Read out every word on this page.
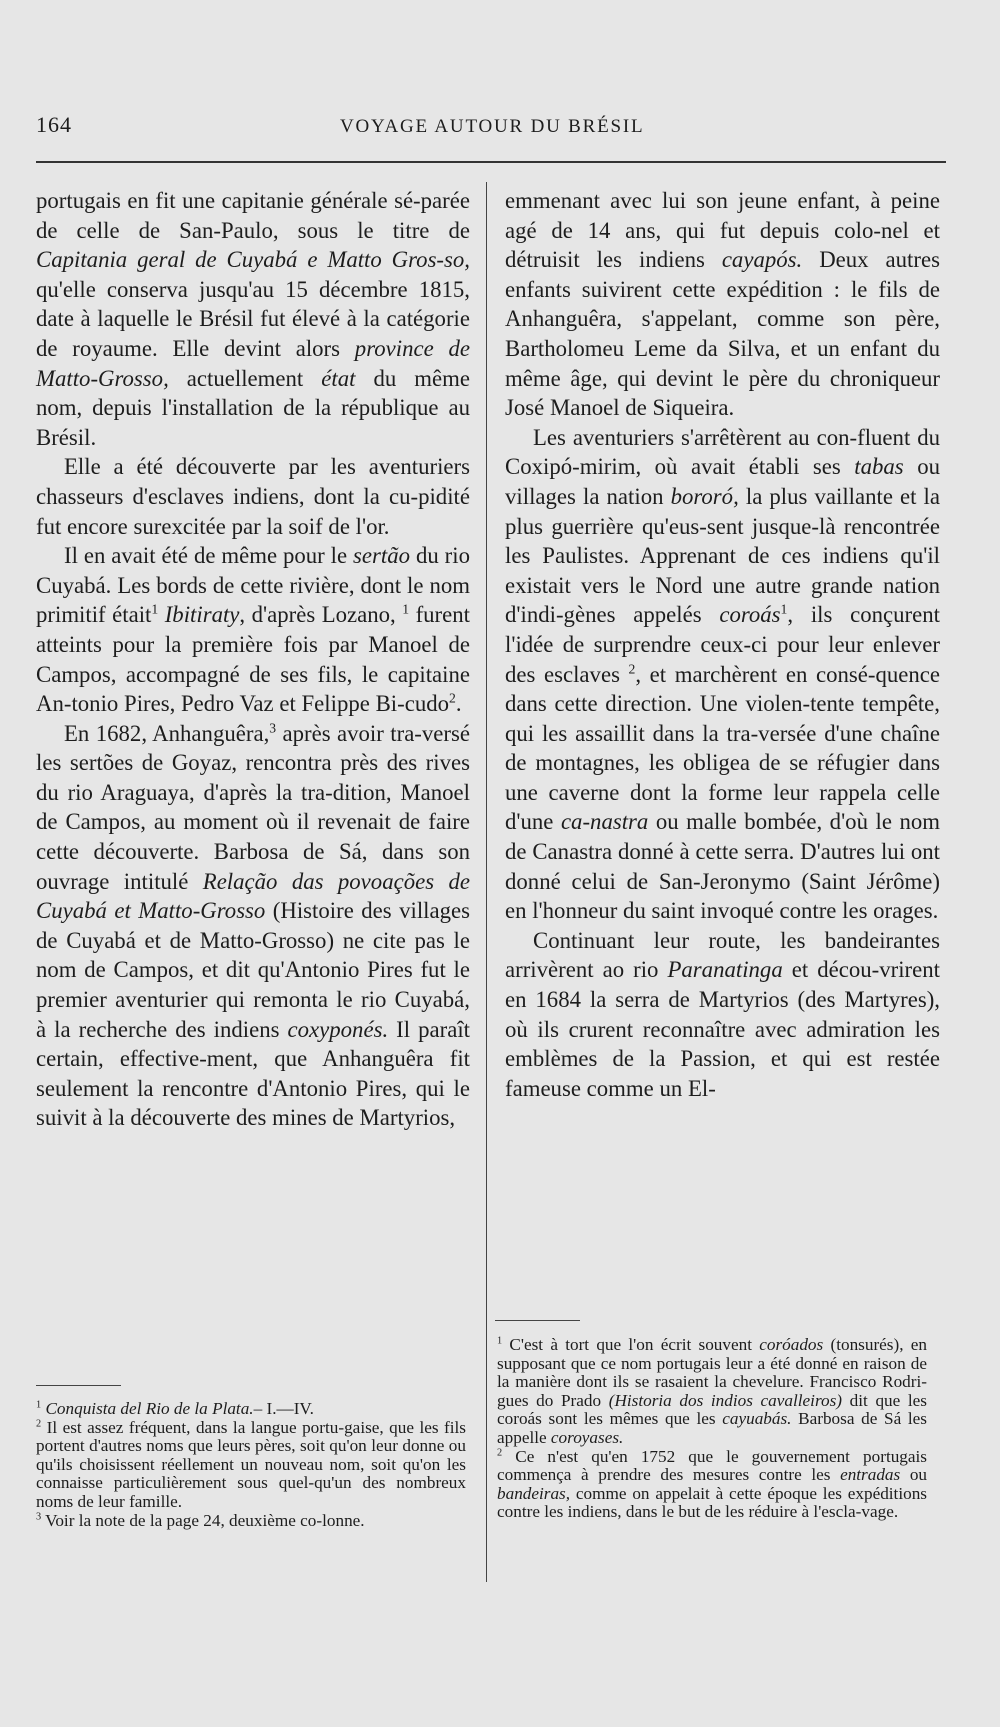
164	VOYAGE AUTOUR DU BRÉSIL

portugais en fit une capitanie générale sé-parée de celle de San-Paulo, sous le titre de Capitania geral de Cuyabá e Matto Gros-so, qu'elle conserva jusqu'au 15 décembre 1815, date à laquelle le Brésil fut élevé à la catégorie de royaume. Elle devint alors province de Matto-Grosso, actuellement état du même nom, depuis l'installation de la république au Brésil.

Elle a été découverte par les aventuriers chasseurs d'esclaves indiens, dont la cu-pidité fut encore surexcitée par la soif de l'or.

Il en avait été de même pour le sertão du rio Cuyabá. Les bords de cette rivière, dont le nom primitif était$^1$ Ibitiraty, d'après Lozano, $^1$ furent atteints pour la première fois par Manoel de Campos, accompagné de ses fils, le capitaine An-tonio Pires, Pedro Vaz et Felippe Bi-cudo$^2$.

En 1682, Anhanguêra,$^3$ après avoir tra-versé les sertões de Goyaz, rencontra près des rives du rio Araguaya, d'après la tra-dition, Manoel de Campos, au moment où il revenait de faire cette découverte. Barbosa de Sá, dans son ouvrage intitulé Relação das povoações de Cuyabá et Matto-Grosso (Histoire des villages de Cuyabá et de Matto-Grosso) ne cite pas le nom de Campos, et dit qu'Antonio Pires fut le premier aventurier qui remonta le rio Cuyabá, à la recherche des indiens coxyponés. Il paraît certain, effective-ment, que Anhanguêra fit seulement la rencontre d'Antonio Pires, qui le suivit à la découverte des mines de Martyrios,

emmenant avec lui son jeune enfant, à peine agé de 14 ans, qui fut depuis colo-nel et détruisit les indiens cayapós. Deux autres enfants suivirent cette expédition : le fils de Anhanguêra, s'appelant, comme son père, Bartholomeu Leme da Silva, et un enfant du même âge, qui devint le père du chroniqueur José Manoel de Siqueira.

Les aventuriers s'arrêtèrent au con-fluent du Coxipó-mirim, où avait établi ses tabas ou villages la nation bororó, la plus vaillante et la plus guerrière qu'eus-sent jusque-là rencontrée les Paulistes. Apprenant de ces indiens qu'il existait vers le Nord une autre grande nation d'indi-gènes appelés coroás$^1$, ils conçurent l'idée de surprendre ceux-ci pour leur enlever des esclaves $^2$, et marchèrent en consé-quence dans cette direction. Une violen-tente tempête, qui les assaillit dans la tra-versée d'une chaîne de montagnes, les obligea de se réfugier dans une caverne dont la forme leur rappela celle d'une ca-nastra ou malle bombée, d'où le nom de Canastra donné à cette serra. D'autres lui ont donné celui de San-Jeronymo (Saint Jérôme) en l'honneur du saint invoqué contre les orages.

Continuant leur route, les bandeirantes arrivèrent ao rio Paranatinga et décou-vrirent en 1684 la serra de Martyrios (des Martyres), où ils crurent reconnaître avec admiration les emblèmes de la Passion, et qui est restée fameuse comme un El-

$^1$ Conquista del Rio de la Plata.– I.—IV.

$^2$ Il est assez fréquent, dans la langue portu-gaise, que les fils portent d'autres noms que leurs pères, soit qu'on leur donne ou qu'ils choisissent réellement un nouveau nom, soit qu'on les connaisse particulièrement sous quel-qu'un des nombreux noms de leur famille.

$^3$ Voir la note de la page 24, deuxième co-lonne.

$^1$ C'est à tort que l'on écrit souvent coróados (tonsurés), en supposant que ce nom portugais leur a été donné en raison de la manière dont ils se rasaient la chevelure. Francisco Rodri-gues do Prado (Historia dos indios cavalleiros) dit que les coroás sont les mêmes que les cayuabás. Barbosa de Sá les appelle coroyases.

$^2$ Ce n'est qu'en 1752 que le gouvernement portugais commença à prendre des mesures contre les entradas ou bandeiras, comme on appelait à cette époque les expéditions contre les indiens, dans le but de les réduire à l'escla-vage.
